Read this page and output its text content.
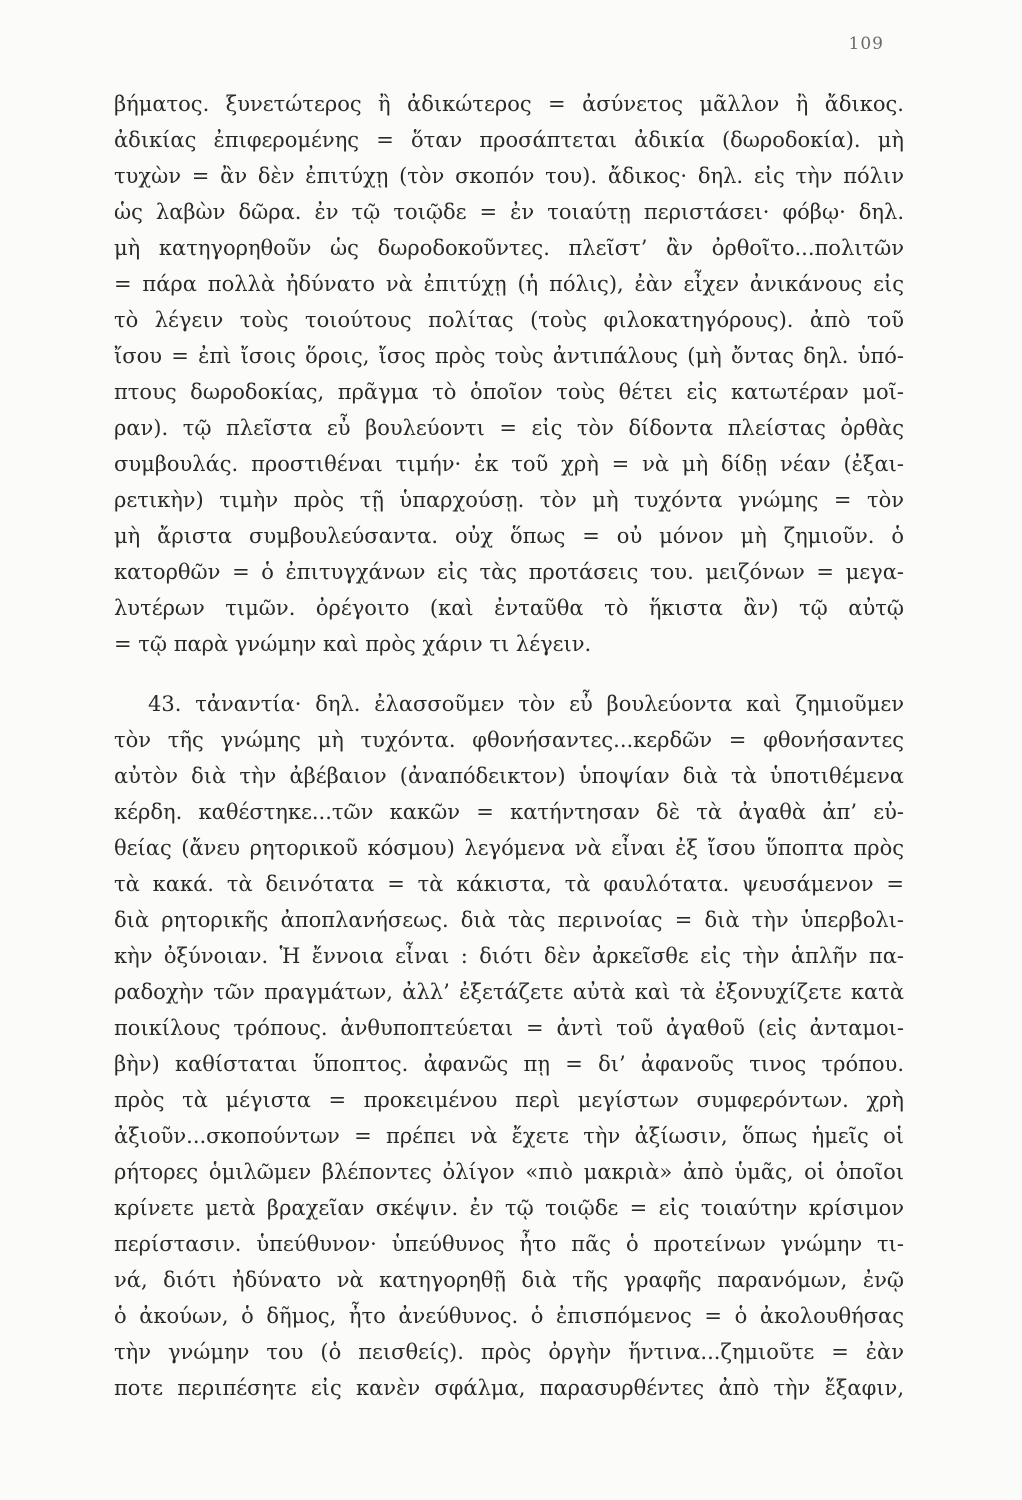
109
βήματος. ξυνετώτερος ἢ ἀδικώτερος = ἀσύνετος μᾶλλον ἢ ἄδικος.
ἀδικίας ἐπιφερομένης = ὅταν προσάπτεται ἀδικία (δωροδοκία). μὴ
τυχὼν = ἂν δὲν ἐπιτύχῃ (τὸν σκοπόν του). ἄδικος· δηλ. εἰς τὴν πόλιν
ὡς λαβὼν δῶρα. ἐν τῷ τοιῷδε = ἐν τοιαύτῃ περιστάσει· φόβῳ· δηλ.
μὴ κατηγορηθοῦν ὡς δωροδοκοῦντες. πλεῖστ’ ἂν ὀρθοῖτο...πολιτῶν
= πάρα πολλὰ ἠδύνατο νὰ ἐπιτύχῃ (ἡ πόλις), ἐὰν εἶχεν ἀνικάνους εἰς
τὸ λέγειν τοὺς τοιούτους πολίτας (τοὺς φιλοκατηγόρους). ἀπὸ τοῦ
ἴσου = ἐπὶ ἴσοις ὅροις, ἴσος πρὸς τοὺς ἀντιπάλους (μὴ ὄντας δηλ. ὑπό-
πτους δωροδοκίας, πρᾶγμα τὸ ὁποῖον τοὺς θέτει εἰς κατωτέραν μοῖ-
ραν). τῷ πλεῖστα εὖ βουλεύοντι = εἰς τὸν δίδοντα πλείστας ὀρθὰς
συμβουλάς. προστιθέναι τιμήν· ἐκ τοῦ χρὴ = νὰ μὴ δίδῃ νέαν (ἐξαι-
ρετικὴν) τιμὴν πρὸς τῇ ὑπαρχούσῃ. τὸν μὴ τυχόντα γνώμης = τὸν
μὴ ἄριστα συμβουλεύσαντα. οὐχ ὅπως = οὐ μόνον μὴ ζημιοῦν. ὁ
κατορθῶν = ὁ ἐπιτυγχάνων εἰς τὰς προτάσεις του. μειζόνων = μεγα-
λυτέρων τιμῶν. ὀρέγοιτο (καὶ ἐνταῦθα τὸ ἥκιστα ἂν) τῷ αὐτῷ
= τῷ παρὰ γνώμην καὶ πρὸς χάριν τι λέγειν.
43. τἀναντία· δηλ. ἐλασσοῦμεν τὸν εὖ βουλεύοντα καὶ ζημιοῦμεν
τὸν τῆς γνώμης μὴ τυχόντα. φθονήσαντες...κερδῶν = φθονήσαντες
αὐτὸν διὰ τὴν ἀβέβαιον (ἀναπόδεικτον) ὑποψίαν διὰ τὰ ὑποτιθέμενα
κέρδη. καθέστηκε...τῶν κακῶν = κατήντησαν δὲ τὰ ἀγαθὰ ἀπ’ εὐ-
θείας (ἄνευ ρητορικοῦ κόσμου) λεγόμενα νὰ εἶναι ἐξ ἴσου ὕποπτα πρὸς
τὰ κακά. τὰ δεινότατα = τὰ κάκιστα, τὰ φαυλότατα. ψευσάμενον =
διὰ ρητορικῆς ἀποπλανήσεως. διὰ τὰς περινοίας = διὰ τὴν ὑπερβολι-
κὴν ὀξύνοιαν. Ἡ ἔννοια εἶναι : διότι δὲν ἀρκεῖσθε εἰς τὴν ἁπλῆν πα-
ραδοχὴν τῶν πραγμάτων, ἀλλ’ ἐξετάζετε αὐτὰ καὶ τὰ ἐξονυχίζετε κατὰ
ποικίλους τρόπους. ἀνθυποπτεύεται = ἀντὶ τοῦ ἀγαθοῦ (εἰς ἀνταμοι-
βὴν) καθίσταται ὕποπτος. ἀφανῶς πῃ = δι’ ἀφανοῦς τινος τρόπου.
πρὸς τὰ μέγιστα = προκειμένου περὶ μεγίστων συμφερόντων. χρὴ
ἀξιοῦν...σκοπούντων = πρέπει νὰ ἔχετε τὴν ἀξίωσιν, ὅπως ἡμεῖς οἱ
ρήτορες ὁμιλῶμεν βλέποντες ὀλίγον «πιὸ μακριὰ» ἀπὸ ὑμᾶς, οἱ ὁποῖοι
κρίνετε μετὰ βραχεῖαν σκέψιν. ἐν τῷ τοιῷδε = εἰς τοιαύτην κρίσιμον
περίστασιν. ὑπεύθυνον· ὑπεύθυνος ἦτο πᾶς ὁ προτείνων γνώμην τι-
νά, διότι ἠδύνατο νὰ κατηγορηθῇ διὰ τῆς γραφῆς παρανόμων, ἐνῷ
ὁ ἀκούων, ὁ δῆμος, ἦτο ἀνεύθυνος. ὁ ἐπισπόμενος = ὁ ἀκολουθήσας
τὴν γνώμην του (ὁ πεισθείς). πρὸς ὀργὴν ἥντινα...ζημιοῦτε = ἐὰν
ποτε περιπέσητε εἰς κανὲν σφάλμα, παρασυρθέντες ἀπὸ τὴν ἔξαφιν,
